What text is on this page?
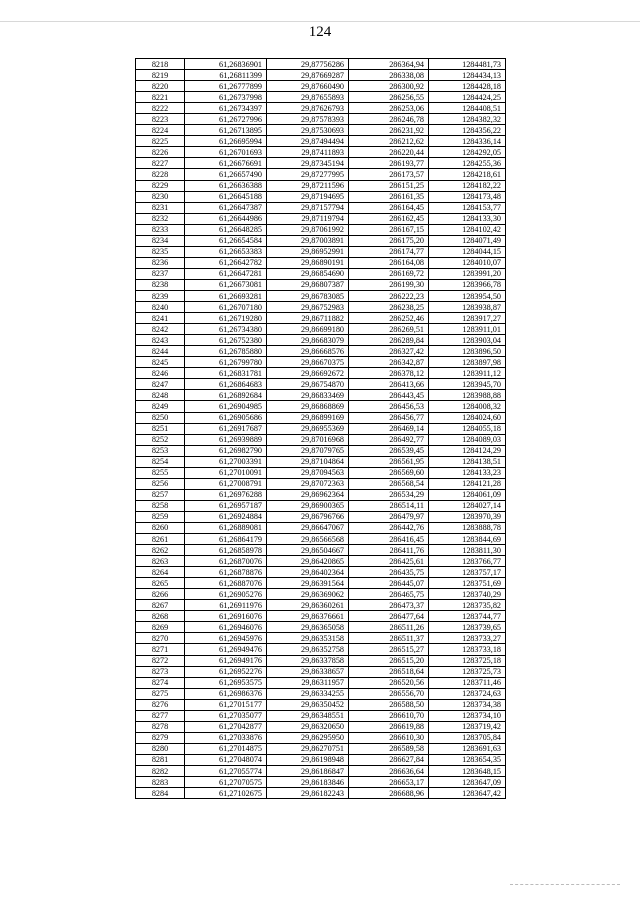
124
8218	61,26836901	29,87756286	286364,94	1284481,73
8219	61,26811399	29,87669287	286338,08	1284434,13
8220	61,26777899	29,87660490	286300,92	1284428,18
8221	61,26737998	29,87655893	286256,55	1284424,25
8222	61,26734397	29,87626793	286253,06	1284408,51
8223	61,26727996	29,87578393	286246,78	1284382,32
8224	61,26713895	29,87530693	286231,92	1284356,22
8225	61,26695994	29,87494494	286212,62	1284336,14
8226	61,26701693	29,87411893	286220,44	1284292,05
8227	61,26676691	29,87345194	286193,77	1284255,36
8228	61,26657490	29,87277995	286173,57	1284218,61
8229	61,26636388	29,87211596	286151,25	1284182,22
8230	61,26645188	29,87194695	286161,35	1284173,48
8231	61,26647387	29,87157794	286164,45	1284153,77
8232	61,26644986	29,87119794	286162,45	1284133,30
8233	61,26648285	29,87061992	286167,15	1284102,42
8234	61,26654584	29,87003891	286175,20	1284071,49
8235	61,26653383	29,86952991	286174,77	1284044,15
8236	61,26642782	29,86890191	286164,08	1284010,07
8237	61,26647281	29,86854690	286169,72	1283991,20
8238	61,26673081	29,86807387	286199,30	1283966,78
8239	61,26693281	29,86783085	286222,23	1283954,50
8240	61,26707180	29,86752983	286238,25	1283938,87
8241	61,26719280	29,86711882	286252,46	1283917,27
8242	61,26734380	29,86699180	286269,51	1283911,01
8243	61,26752380	29,86683079	286289,84	1283903,04
8244	61,26785880	29,86668576	286327,42	1283896,50
8245	61,26799780	29,86670375	286342,87	1283897,98
8246	61,26831781	29,86692672	286378,12	1283911,12
8247	61,26864683	29,86754870	286413,66	1283945,70
8248	61,26892684	29,86833469	286443,45	1283988,88
8249	61,26904985	29,86868869	286456,53	1284008,32
8250	61,26905686	29,86899169	286456,77	1284024,60
8251	61,26917687	29,86955369	286469,14	1284055,18
8252	61,26939889	29,87016968	286492,77	1284089,03
8253	61,26982790	29,87079765	286539,45	1284124,29
8254	61,27003391	29,87104864	286561,95	1284138,51
8255	61,27010091	29,87094563	286569,60	1284133,23
8256	61,27008791	29,87072363	286568,54	1284121,28
8257	61,26976288	29,86962364	286534,29	1284061,09
8258	61,26957187	29,86900365	286514,11	1284027,14
8259	61,26924884	29,86796766	286479,97	1283970,39
8260	61,26889081	29,86647067	286442,76	1283888,78
8261	61,26864179	29,86566568	286416,45	1283844,69
8262	61,26858978	29,86504667	286411,76	1283811,30
8263	61,26870076	29,86420865	286425,61	1283766,77
8264	61,26878876	29,86402364	286435,75	1283757,17
8265	61,26887076	29,86391564	286445,07	1283751,69
8266	61,26905276	29,86369062	286465,75	1283740,29
8267	61,26911976	29,86360261	286473,37	1283735,82
8268	61,26916076	29,86376661	286477,64	1283744,77
8269	61,26946076	29,86365058	286511,26	1283739,65
8270	61,26945976	29,86353158	286511,37	1283733,27
8271	61,26949476	29,86352758	286515,27	1283733,18
8272	61,26949176	29,86337858	286515,20	1283725,18
8273	61,26952276	29,86338657	286518,64	1283725,73
8274	61,26953575	29,86311957	286520,56	1283711,46
8275	61,26986376	29,86334255	286556,70	1283724,63
8276	61,27015177	29,86350452	286588,50	1283734,38
8277	61,27035077	29,86348551	286610,70	1283734,10
8278	61,27042877	29,86320650	286619,88	1283719,42
8279	61,27033876	29,86295950	286610,30	1283705,84
8280	61,27014875	29,86270751	286589,58	1283691,63
8281	61,27048074	29,86198948	286627,84	1283654,35
8282	61,27055774	29,86186847	286636,64	1283648,15
8283	61,27070575	29,86183846	286653,17	1283647,09
8284	61,27102675	29,86182243	286688,96	1283647,42
